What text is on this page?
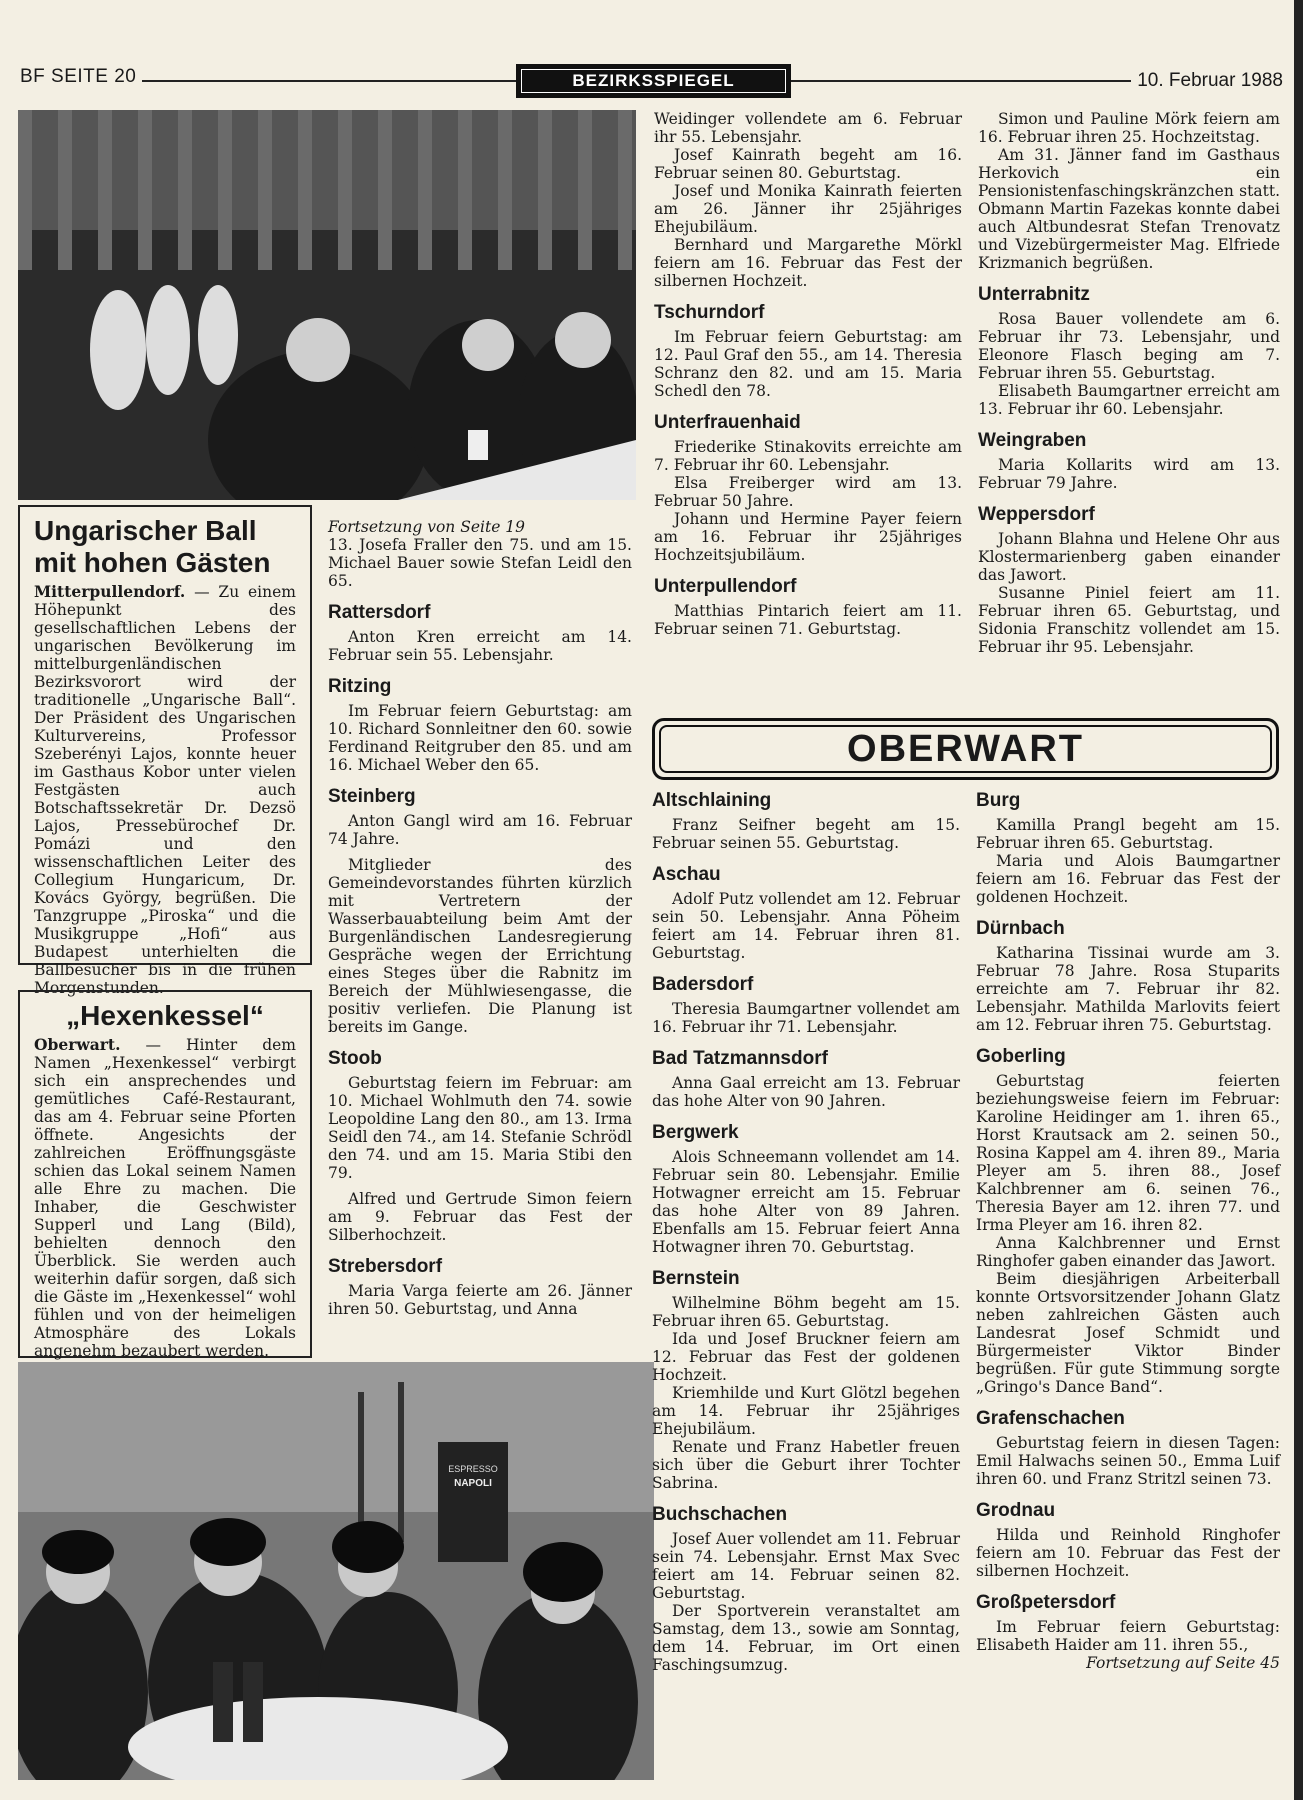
BF SEITE 20	BEZIRKSSPIEGEL	10. Februar 1988
Ungarischer Ball mit hohen Gästen

Mitterpullendorf. — Zu einem Höhepunkt des gesellschaftlichen Lebens der ungarischen Bevölkerung im mittelburgenländischen Bezirksvorort wird der traditionelle „Ungarische Ball“. Der Präsident des Ungarischen Kulturvereins, Professor Szeberényi Lajos, konnte heuer im Gasthaus Kobor unter vielen Festgästen auch Botschaftssekretär Dr. Dezsö Lajos, Pressebürochef Dr. Pomázi und den wissenschaftlichen Leiter des Collegium Hungaricum, Dr. Kovács György, begrüßen. Die Tanzgruppe „Piroska“ und die Musikgruppe „Hofi“ aus Budapest unterhielten die Ballbesucher bis in die frühen Morgenstunden.

„Hexenkessel“

Oberwart. — Hinter dem Namen „Hexenkessel“ verbirgt sich ein ansprechendes und gemütliches Café-Restaurant, das am 4. Februar seine Pforten öffnete. Angesichts der zahlreichen Eröffnungsgäste schien das Lokal seinem Namen alle Ehre zu machen. Die Inhaber, die Geschwister Supperl und Lang (Bild), behielten dennoch den Überblick. Sie werden auch weiterhin dafür sorgen, daß sich die Gäste im „Hexenkessel“ wohl fühlen und von der heimeligen Atmosphäre des Lokals angenehm bezaubert werden.

ESPRESSO
NAPOLI

Fortsetzung von Seite 19

13. Josefa Fraller den 75. und am 15. Michael Bauer sowie Stefan Leidl den 65.

Rattersdorf

Anton Kren erreicht am 14. Februar sein 55. Lebensjahr.

Ritzing

Im Februar feiern Geburtstag: am 10. Richard Sonnleitner den 60. sowie Ferdinand Reitgruber den 85. und am 16. Michael Weber den 65.

Steinberg

Anton Gangl wird am 16. Februar 74 Jahre.

Mitglieder des Gemeindevorstandes führten kürzlich mit Vertretern der Wasserbauabteilung beim Amt der Burgenländischen Landesregierung Gespräche wegen der Errichtung eines Steges über die Rabnitz im Bereich der Mühlwiesengasse, die positiv verliefen. Die Planung ist bereits im Gange.

Stoob

Geburtstag feiern im Februar: am 10. Michael Wohlmuth den 74. sowie Leopoldine Lang den 80., am 13. Irma Seidl den 74., am 14. Stefanie Schrödl den 74. und am 15. Maria Stibi den 79.

Alfred und Gertrude Simon feiern am 9. Februar das Fest der Silberhochzeit.

Strebersdorf

Maria Varga feierte am 26. Jänner ihren 50. Geburtstag, und Anna

Weidinger vollendete am 6. Februar ihr 55. Lebensjahr.

Josef Kainrath begeht am 16. Februar seinen 80. Geburtstag.

Josef und Monika Kainrath feierten am 26. Jänner ihr 25jähriges Ehejubiläum.

Bernhard und Margarethe Mörkl feiern am 16. Februar das Fest der silbernen Hochzeit.

Tschurndorf

Im Februar feiern Geburtstag: am 12. Paul Graf den 55., am 14. Theresia Schranz den 82. und am 15. Maria Schedl den 78.

Unterfrauenhaid

Friederike Stinakovits erreichte am 7. Februar ihr 60. Lebensjahr.

Elsa Freiberger wird am 13. Februar 50 Jahre.

Johann und Hermine Payer feiern am 16. Februar ihr 25jähriges Hochzeitsjubiläum.

Unterpullendorf

Matthias Pintarich feiert am 11. Februar seinen 71. Geburtstag.

Simon und Pauline Mörk feiern am 16. Februar ihren 25. Hochzeitstag.

Am 31. Jänner fand im Gasthaus Herkovich ein Pensionistenfaschingskränzchen statt. Obmann Martin Fazekas konnte dabei auch Altbundesrat Stefan Trenovatz und Vizebürgermeister Mag. Elfriede Krizmanich begrüßen.

Unterrabnitz

Rosa Bauer vollendete am 6. Februar ihr 73. Lebensjahr, und Eleonore Flasch beging am 7. Februar ihren 55. Geburtstag.

Elisabeth Baumgartner erreicht am 13. Februar ihr 60. Lebensjahr.

Weingraben

Maria Kollarits wird am 13. Februar 79 Jahre.

Weppersdorf

Johann Blahna und Helene Ohr aus Klostermarienberg gaben einander das Jawort.

Susanne Piniel feiert am 11. Februar ihren 65. Geburtstag, und Sidonia Franschitz vollendet am 15. Februar ihr 95. Lebensjahr.

OBERWART
Altschlaining

Franz Seifner begeht am 15. Februar seinen 55. Geburtstag.

Aschau

Adolf Putz vollendet am 12. Februar sein 50. Lebensjahr. Anna Pöheim feiert am 14. Februar ihren 81. Geburtstag.

Badersdorf

Theresia Baumgartner vollendet am 16. Februar ihr 71. Lebensjahr.

Bad Tatzmannsdorf

Anna Gaal erreicht am 13. Februar das hohe Alter von 90 Jahren.

Bergwerk

Alois Schneemann vollendet am 14. Februar sein 80. Lebensjahr. Emilie Hotwagner erreicht am 15. Februar das hohe Alter von 89 Jahren. Ebenfalls am 15. Februar feiert Anna Hotwagner ihren 70. Geburtstag.

Bernstein

Wilhelmine Böhm begeht am 15. Februar ihren 65. Geburtstag.

Ida und Josef Bruckner feiern am 12. Februar das Fest der goldenen Hochzeit.

Kriemhilde und Kurt Glötzl begehen am 14. Februar ihr 25jähriges Ehejubiläum.

Renate und Franz Habetler freuen sich über die Geburt ihrer Tochter Sabrina.

Buchschachen

Josef Auer vollendet am 11. Februar sein 74. Lebensjahr. Ernst Max Svec feiert am 14. Februar seinen 82. Geburtstag.

Der Sportverein veranstaltet am Samstag, dem 13., sowie am Sonntag, dem 14. Februar, im Ort einen Faschingsumzug.

Burg

Kamilla Prangl begeht am 15. Februar ihren 65. Geburtstag.

Maria und Alois Baumgartner feiern am 16. Februar das Fest der goldenen Hochzeit.

Dürnbach

Katharina Tissinai wurde am 3. Februar 78 Jahre. Rosa Stuparits erreichte am 7. Februar ihr 82. Lebensjahr. Mathilda Marlovits feiert am 12. Februar ihren 75. Geburtstag.

Goberling

Geburtstag feierten beziehungsweise feiern im Februar: Karoline Heidinger am 1. ihren 65., Horst Krautsack am 2. seinen 50., Rosina Kappel am 4. ihren 89., Maria Pleyer am 5. ihren 88., Josef Kalchbrenner am 6. seinen 76., Theresia Bayer am 12. ihren 77. und Irma Pleyer am 16. ihren 82.

Anna Kalchbrenner und Ernst Ringhofer gaben einander das Jawort.

Beim diesjährigen Arbeiterball konnte Ortsvorsitzender Johann Glatz neben zahlreichen Gästen auch Landesrat Josef Schmidt und Bürgermeister Viktor Binder begrüßen. Für gute Stimmung sorgte „Gringo's Dance Band“.

Grafenschachen

Geburtstag feiern in diesen Tagen: Emil Halwachs seinen 50., Emma Luif ihren 60. und Franz Stritzl seinen 73.

Grodnau

Hilda und Reinhold Ringhofer feiern am 10. Februar das Fest der silbernen Hochzeit.

Großpetersdorf

Im Februar feiern Geburtstag: Elisabeth Haider am 11. ihren 55.,

Fortsetzung auf Seite 45
